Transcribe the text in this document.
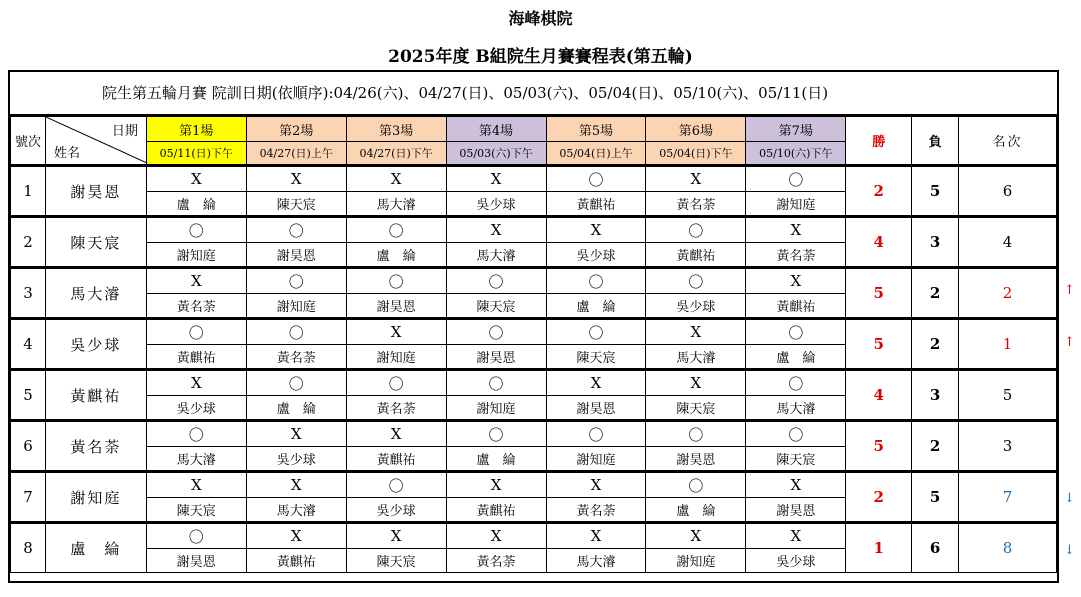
海峰棋院
2025年度 B組院生月賽賽程表(第五輪)
院生第五輪月賽 院訓日期(依順序):04/26(六)、04/27(日)、05/03(六)、05/04(日)、05/10(六)、05/11(日)
號次	日期
姓名	第1場	第2場	第3場	第4場	第5場	第6場	第7場	勝	負	名次
		05/11(日)下午	04/27(日)上午	04/27(日)下午	05/03(六)下午	05/04(日)上午	05/04(日)下午	05/10(六)下午			
1	謝昊恩	X	X	X	X	〇	X	〇	2	5	6
		盧　綸	陳天宸	馬大濬	吳少球	黃麒祐	黃名荼	謝知庭			
2	陳天宸	〇	〇	〇	X	X	〇	X	4	3	4
		謝知庭	謝昊恩	盧　綸	馬大濬	吳少球	黃麒祐	黃名荼			
3	馬大濬	X	〇	〇	〇	〇	〇	X	5	2	2
		黃名荼	謝知庭	謝昊恩	陳天宸	盧　綸	吳少球	黃麒祐			
4	吳少球	〇	〇	X	〇	〇	X	〇	5	2	1
		黃麒祐	黃名荼	謝知庭	謝昊恩	陳天宸	馬大濬	盧　綸			
5	黃麒祐	X	〇	〇	〇	X	X	〇	4	3	5
		吳少球	盧　綸	黃名荼	謝知庭	謝昊恩	陳天宸	馬大濬			
6	黃名荼	〇	X	X	〇	〇	〇	〇	5	2	3
		馬大濬	吳少球	黃麒祐	盧　綸	謝知庭	謝昊恩	陳天宸			
7	謝知庭	X	X	〇	X	X	〇	X	2	5	7
		陳天宸	馬大濬	吳少球	黃麒祐	黃名荼	盧　綸	謝昊恩			
8	盧　綸	〇	X	X	X	X	X	X	1	6	8
		謝昊恩	黃麒祐	陳天宸	黃名荼	馬大濬	謝知庭	吳少球			
↑
↑
↓
↓
